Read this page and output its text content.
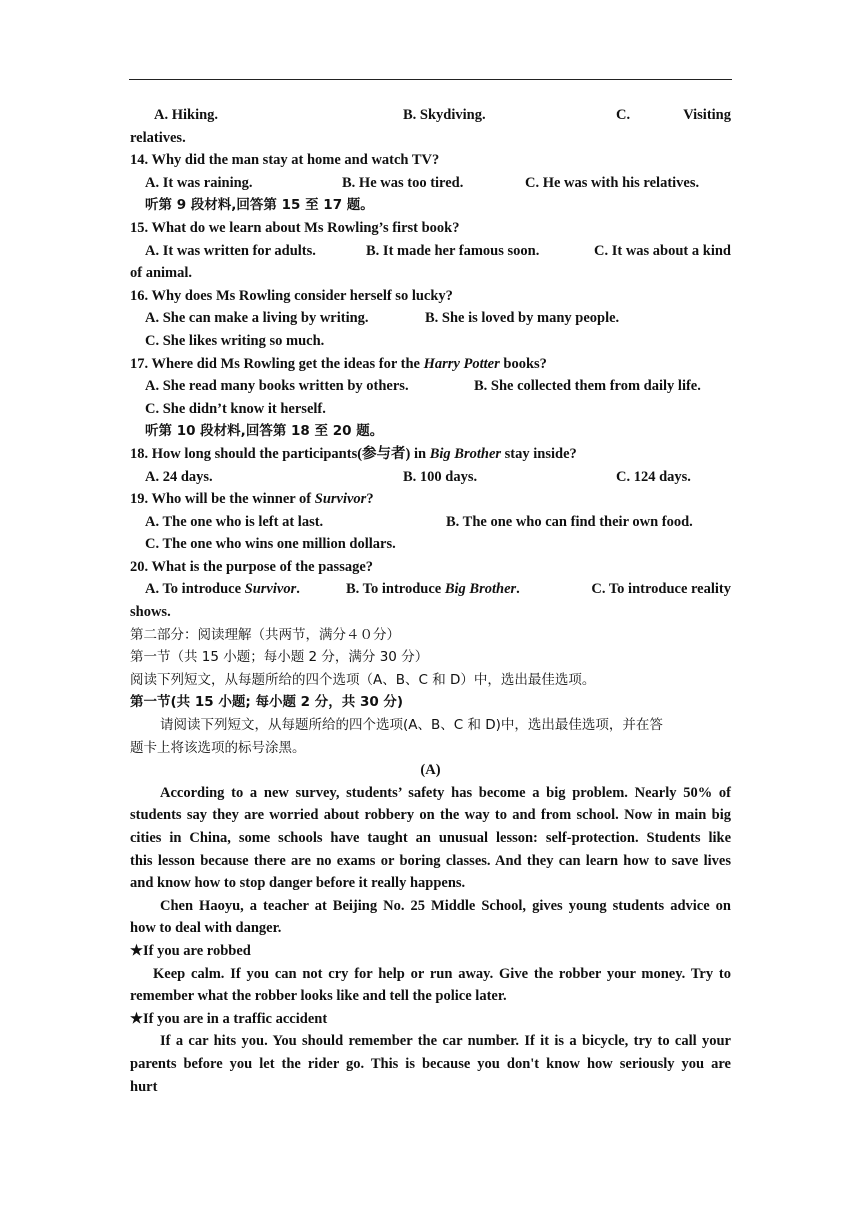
A. Hiking.	B. Skydiving.	C.	Visiting
relatives.
14. Why did the man stay at home and watch TV?
A. It was raining.	B. He was too tired.	C. He was with his relatives.
听第 9 段材料,回答第 15 至 17 题。
15. What do we learn about Ms Rowling’s first book?
A. It was written for adults.	B. It made her famous soon.	C. It was about a kind
of animal.
16. Why does Ms Rowling consider herself so lucky?
A. She can make a living by writing.	B. She is loved by many people.
C. She likes writing so much.
17. Where did Ms Rowling get the ideas for the Harry Potter books?
A. She read many books written by others.	B. She collected them from daily life.
C. She didn’t know it herself.
听第 10 段材料,回答第 18 至 20 题。
18. How long should the participants(参与者) in Big Brother stay inside?
A. 24 days.	B. 100 days.	C. 124 days.
19. Who will be the winner of Survivor?
A. The one who is left at last.	B. The one who can find their own food.
C. The one who wins one million dollars.
20. What is the purpose of the passage?
A. To introduce Survivor.	B. To introduce Big Brother.	C. To introduce reality
shows.
第二部分：阅读理解（共两节，满分４０分）
第一节（共 15 小题；每小题 2 分，满分 30 分）
阅读下列短文，从每题所给的四个选项（A、B、C 和 D）中，选出最佳选项。
第一节(共 15 小题; 每小题 2 分，共 30 分)
请阅读下列短文，从每题所给的四个选项(A、B、C 和 D)中，选出最佳选项，并在答
题卡上将该选项的标号涂黑。
(A)
According to a new survey, students’ safety has become a big problem. Nearly 50% of
students say they are worried about robbery on the way to and from school. Now in main big
cities in China, some schools have taught an unusual lesson: self-protection. Students like
this lesson because there are no exams or boring classes. And they can learn how to save lives
and know how to stop danger before it really happens.
Chen Haoyu, a teacher at Beijing No. 25 Middle School, gives young students advice on
how to deal with danger.
★If you are robbed
Keep calm. If you can not cry for help or run away. Give the robber your money. Try to
remember what the robber looks like and tell the police later.
★If you are in a traffic accident
If a car hits you. You should remember the car number. If it is a bicycle, try to call your
parents before you let the rider go. This is because you don't know how seriously you are
hurt
